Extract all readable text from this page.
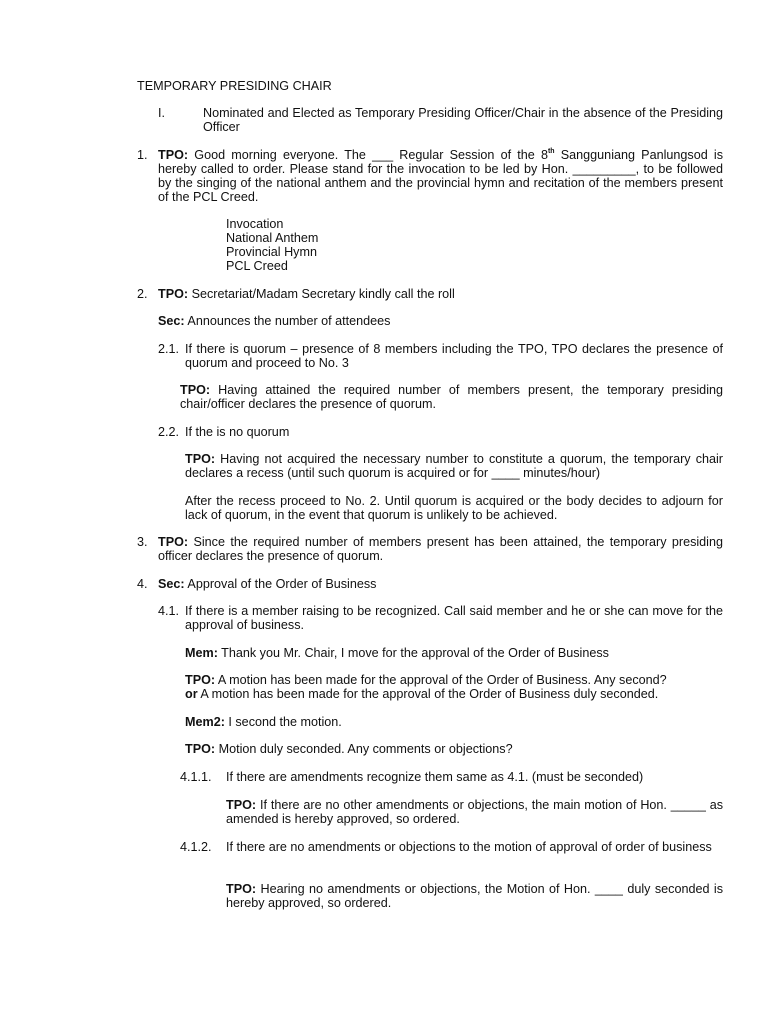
TEMPORARY PRESIDING CHAIR

I.	Nominated and Elected as Temporary Presiding Officer/Chair in the absence of the Presiding Officer

1. TPO: Good morning everyone. The ___ Regular Session of the 8th Sangguniang Panlungsod is hereby called to order. Please stand for the invocation to be led by Hon. _________, to be followed by the singing of the national anthem and the provincial hymn and recitation of the members present of the PCL Creed.

Invocation
National Anthem
Provincial Hymn
PCL Creed
2. TPO: Secretariat/Madam Secretary kindly call the roll

Sec: Announces the number of attendees

2.1. If there is quorum – presence of 8 members including the TPO, TPO declares the presence of quorum and proceed to No. 3

TPO: Having attained the required number of members present, the temporary presiding chair/officer declares the presence of quorum.

2.2. If the is no quorum

TPO: Having not acquired the necessary number to constitute a quorum, the temporary chair declares a recess (until such quorum is acquired or for ____ minutes/hour)

After the recess proceed to No. 2. Until quorum is acquired or the body decides to adjourn for lack of quorum, in the event that quorum is unlikely to be achieved.

3. TPO: Since the required number of members present has been attained, the temporary presiding officer declares the presence of quorum.

4. Sec: Approval of the Order of Business

4.1. If there is a member raising to be recognized. Call said member and he or she can move for the approval of business.

Mem: Thank you Mr. Chair, I move for the approval of the Order of Business

TPO: A motion has been made for the approval of the Order of Business. Any second?

or A motion has been made for the approval of the Order of Business duly seconded.

Mem2: I second the motion.

TPO: Motion duly seconded. Any comments or objections?

4.1.1. If there are amendments recognize them same as 4.1. (must be seconded)

TPO: If there are no other amendments or objections, the main motion of Hon. _____ as amended is hereby approved, so ordered.

4.1.2.	If there are no amendments or objections to the motion of approval of order of business

TPO: Hearing no amendments or objections, the Motion of Hon. ____ duly seconded is hereby approved, so ordered.
